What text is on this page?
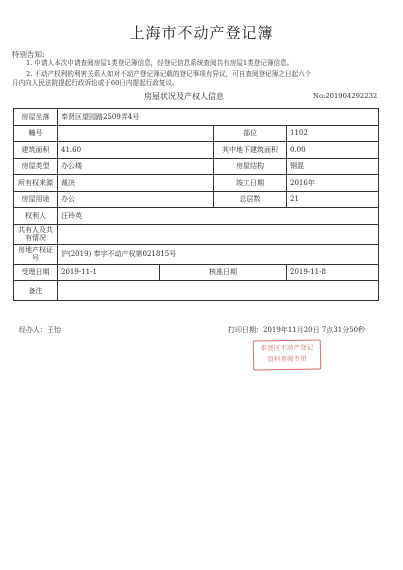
上海市不动产登记簿
特别告知:
1. 申请人本次申请查阅房屋1类登记簿信息，经登记信息系统查阅共有房屋1类登记簿信息。
2. 不动产权利的利害关系人如对不动产登记簿记载的登记事项有异议，可自查阅登记簿之日起六个
月内向人民法院提起行政诉讼或于60日内提起行政复议。
房屋状况及产权人信息	No:201904292232
房屋坐落	奉贤区望园路2509弄4号			
幢号			部位	1102
建筑面积	41.60		其中地下建筑面积	0.00
房屋类型	办公楼		房屋结构	钢混
所有权来源	裁决		竣工日期	2016年
房屋用途	办公		总层数	21
权利人	汪玲英			
共有人及共有情况				
房地产权证号	沪(2019) 奉字不动产权第021815号			
受理日期	2019-11-1	核准日期		2019-11-8
备注				
经办人：王怡	打印日期：2019年11月20日 7点31分50秒
奉贤区不动产登记
资料查阅专用
